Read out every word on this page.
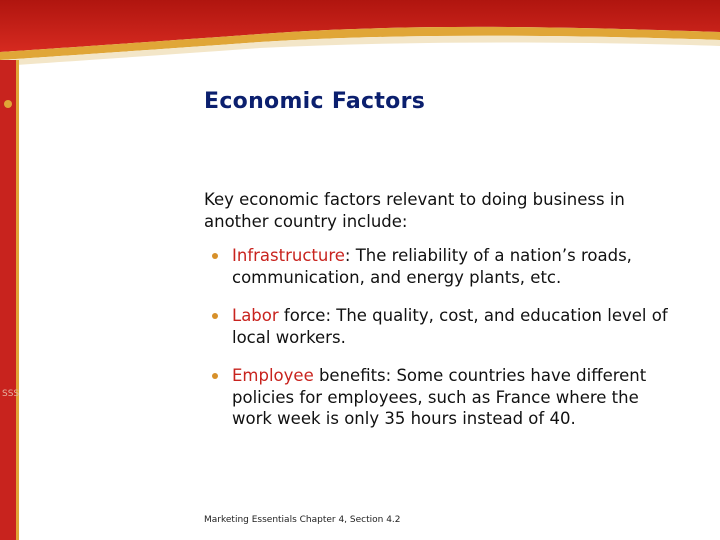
SSS
Economic Factors
Key economic factors relevant to doing business in another country include:
Infrastructure: The reliability of a nation’s roads, communication, and energy plants, etc.
Labor force: The quality, cost, and education level of local workers.
Employee benefits: Some countries have different policies for employees, such as France where the work week is only 35 hours instead of 40.
Marketing Essentials Chapter 4, Section 4.2
